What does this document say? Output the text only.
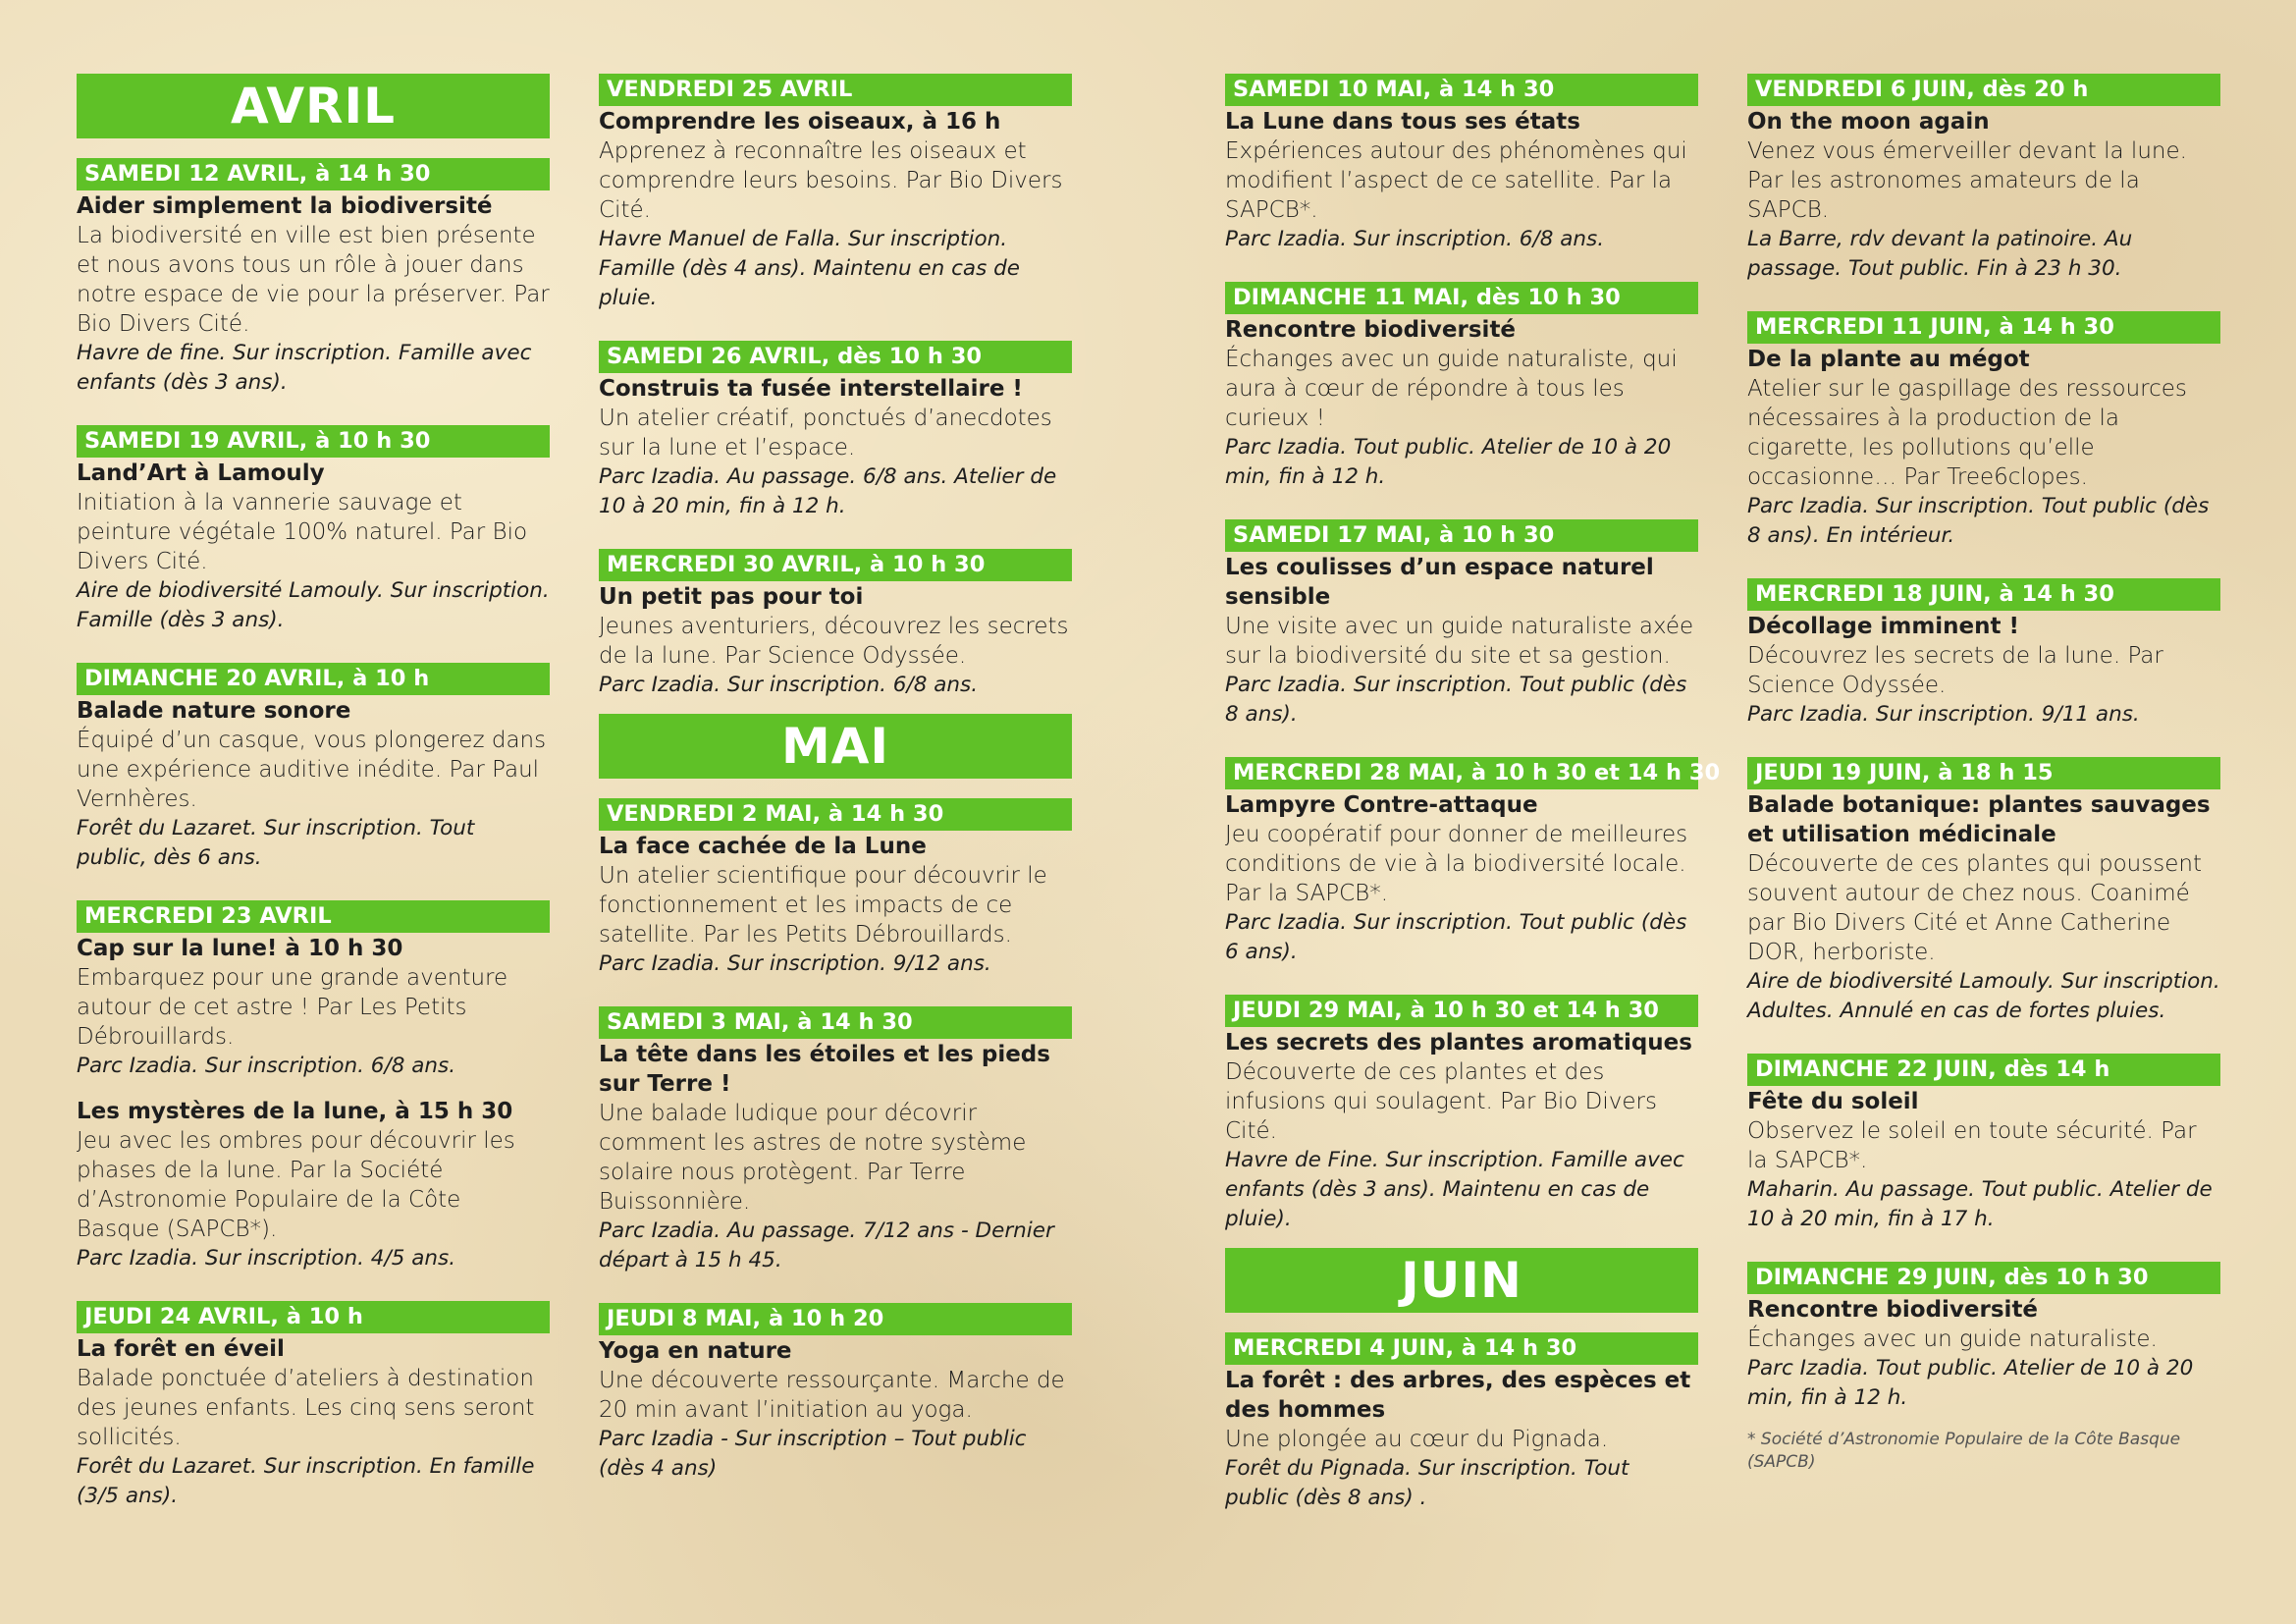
AVRIL
SAMEDI 12 AVRIL, à 14 h 30
Aider simplement la biodiversité
La biodiversité en ville est bien présente et nous avons tous un rôle à jouer dans notre espace de vie pour la préserver. Par Bio Divers Cité.
Havre de fine. Sur inscription. Famille avec enfants (dès 3 ans).
SAMEDI 19 AVRIL, à 10 h 30
Land’Art à Lamouly
Initiation à la vannerie sauvage et peinture végétale 100% naturel. Par Bio Divers Cité.
Aire de biodiversité Lamouly. Sur inscription. Famille (dès 3 ans).
DIMANCHE 20 AVRIL, à 10 h
Balade nature sonore
Équipé d’un casque, vous plongerez dans une expérience auditive inédite. Par Paul Vernhères.
Forêt du Lazaret. Sur inscription. Tout public, dès 6 ans.
MERCREDI 23 AVRIL
Cap sur la lune! à 10 h 30
Embarquez pour une grande aventure autour de cet astre ! Par Les Petits Débrouillards.
Parc Izadia. Sur inscription. 6/8 ans.
Les mystères de la lune, à 15 h 30
Jeu avec les ombres pour découvrir les phases de la lune. Par la Société d’Astronomie Populaire de la Côte Basque (SAPCB*).
Parc Izadia. Sur inscription. 4/5 ans.
JEUDI 24 AVRIL, à 10 h
La forêt en éveil
Balade ponctuée d’ateliers à destination des jeunes enfants. Les cinq sens seront sollicités.
Forêt du Lazaret. Sur inscription. En famille (3/5 ans).
VENDREDI 25 AVRIL
Comprendre les oiseaux, à 16 h
Apprenez à reconnaître les oiseaux et comprendre leurs besoins. Par Bio Divers Cité.
Havre Manuel de Falla. Sur inscription. Famille (dès 4 ans). Maintenu en cas de pluie.
SAMEDI 26 AVRIL, dès 10 h 30
Construis ta fusée interstellaire !
Un atelier créatif, ponctués d’anecdotes sur la lune et l’espace.
Parc Izadia. Au passage. 6/8 ans. Atelier de 10 à 20 min, fin à 12 h.
MERCREDI 30 AVRIL, à 10 h 30
Un petit pas pour toi
Jeunes aventuriers, découvrez les secrets de la lune. Par Science Odyssée.
Parc Izadia. Sur inscription. 6/8 ans.
MAI
VENDREDI 2 MAI, à 14 h 30
La face cachée de la Lune
Un atelier scientifique pour découvrir le fonctionnement et les impacts de ce satellite. Par les Petits Débrouillards.
Parc Izadia. Sur inscription. 9/12 ans.
SAMEDI 3 MAI, à 14 h 30
La tête dans les étoiles et les pieds sur Terre !
Une balade ludique pour décovrir comment les astres de notre système solaire nous protègent. Par Terre Buissonnière.
Parc Izadia. Au passage. 7/12 ans - Dernier départ à 15 h 45.
JEUDI 8 MAI, à 10 h 20
Yoga en nature
Une découverte ressourçante. Marche de 20 min avant l’initiation au yoga.
Parc Izadia - Sur inscription – Tout public (dès 4 ans)
SAMEDI 10 MAI, à 14 h 30
La Lune dans tous ses états
Expériences autour des phénomènes qui modifient l’aspect de ce satellite. Par la SAPCB*.
Parc Izadia. Sur inscription. 6/8 ans.
DIMANCHE 11 MAI, dès 10 h 30
Rencontre biodiversité
Échanges avec un guide naturaliste, qui aura à cœur de répondre à tous les curieux !
Parc Izadia. Tout public. Atelier de 10 à 20 min, fin à 12 h.
SAMEDI 17 MAI, à 10 h 30
Les coulisses d’un espace naturel sensible
Une visite avec un guide naturaliste axée sur la biodiversité du site et sa gestion.
Parc Izadia. Sur inscription. Tout public (dès 8 ans).
MERCREDI 28 MAI, à 10 h 30 et 14 h 30
Lampyre Contre-attaque
Jeu coopératif pour donner de meilleures conditions de vie à la biodiversité locale. Par la SAPCB*.
Parc Izadia. Sur inscription. Tout public (dès 6 ans).
JEUDI 29 MAI, à 10 h 30 et 14 h 30
Les secrets des plantes aromatiques
Découverte de ces plantes et des infusions qui soulagent. Par Bio Divers Cité.
Havre de Fine. Sur inscription. Famille avec enfants (dès 3 ans). Maintenu en cas de pluie).
JUIN
MERCREDI 4 JUIN, à 14 h 30
La forêt : des arbres, des espèces et des hommes
Une plongée au cœur du Pignada.
Forêt du Pignada. Sur inscription. Tout public (dès 8 ans) .
VENDREDI 6 JUIN, dès 20 h
On the moon again
Venez vous émerveiller devant la lune. Par les astronomes amateurs de la SAPCB.
La Barre, rdv devant la patinoire. Au passage. Tout public. Fin à 23 h 30.
MERCREDI 11 JUIN, à 14 h 30
De la plante au mégot
Atelier sur le gaspillage des ressources nécessaires à la production de la cigarette, les pollutions qu’elle occasionne… Par Tree6clopes.
Parc Izadia. Sur inscription. Tout public (dès 8 ans). En intérieur.
MERCREDI 18 JUIN, à 14 h 30
Décollage imminent !
Découvrez les secrets de la lune. Par Science Odyssée.
Parc Izadia. Sur inscription. 9/11 ans.
JEUDI 19 JUIN, à 18 h 15
Balade botanique: plantes sauvages et utilisation médicinale
Découverte de ces plantes qui poussent souvent autour de chez nous. Coanimé par Bio Divers Cité et Anne Catherine DOR, herboriste.
Aire de biodiversité Lamouly. Sur inscription. Adultes. Annulé en cas de fortes pluies.
DIMANCHE 22 JUIN, dès 14 h
Fête du soleil
Observez le soleil en toute sécurité. Par la SAPCB*.
Maharin. Au passage. Tout public. Atelier de 10 à 20 min, fin à 17 h.
DIMANCHE 29 JUIN, dès 10 h 30
Rencontre biodiversité
Échanges avec un guide naturaliste.
Parc Izadia. Tout public. Atelier de 10 à 20 min, fin à 12 h.
* Société d’Astronomie Populaire de la Côte Basque (SAPCB)
